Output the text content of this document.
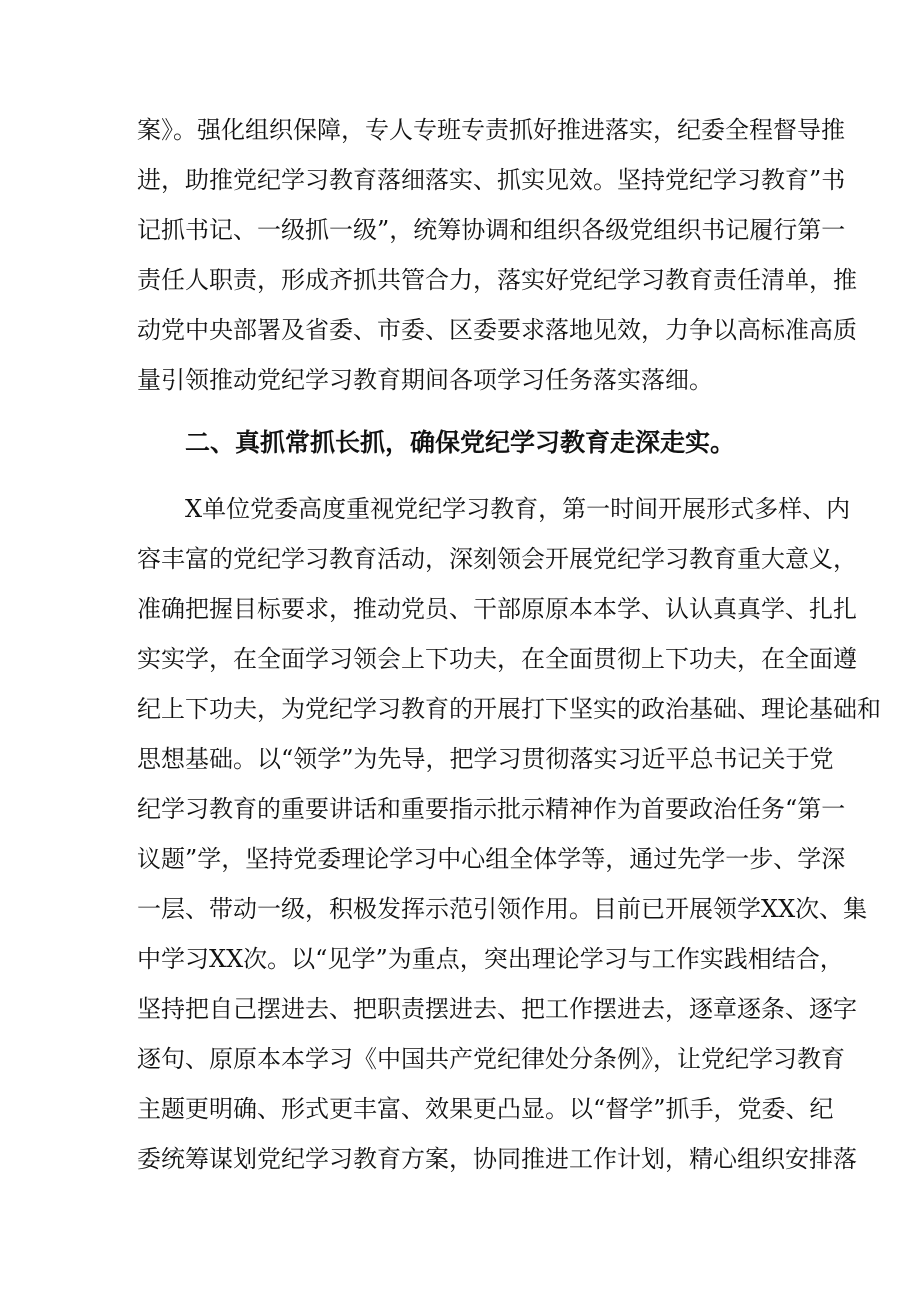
案》。强化组织保障，专人专班专责抓好推进落实，纪委全程督导推
进，助推党纪学习教育落细落实、抓实见效。坚持党纪学习教育”书
记抓书记、一级抓一级”，统筹协调和组织各级党组织书记履行第一
责任人职责，形成齐抓共管合力，落实好党纪学习教育责任清单，推
动党中央部署及省委、市委、区委要求落地见效，力争以高标准高质
量引领推动党纪学习教育期间各项学习任务落实落细。
二、真抓常抓长抓，确保党纪学习教育走深走实。
X单位党委高度重视党纪学习教育，第一时间开展形式多样、内
容丰富的党纪学习教育活动，深刻领会开展党纪学习教育重大意义，
准确把握目标要求，推动党员、干部原原本本学、认认真真学、扎扎
实实学，在全面学习领会上下功夫，在全面贯彻上下功夫，在全面遵
纪上下功夫，为党纪学习教育的开展打下坚实的政治基础、理论基础和
思想基础。以“领学”为先导，把学习贯彻落实习近平总书记关于党
纪学习教育的重要讲话和重要指示批示精神作为首要政治任务“第一
议题”学，坚持党委理论学习中心组全体学等，通过先学一步、学深
一层、带动一级，积极发挥示范引领作用。目前已开展领学XX次、集
中学习XX次。以“见学”为重点，突出理论学习与工作实践相结合，
坚持把自己摆进去、把职责摆进去、把工作摆进去，逐章逐条、逐字
逐句、原原本本学习《中国共产党纪律处分条例》，让党纪学习教育
主题更明确、形式更丰富、效果更凸显。以“督学”抓手，党委、纪
委统筹谋划党纪学习教育方案，协同推进工作计划，精心组织安排落
